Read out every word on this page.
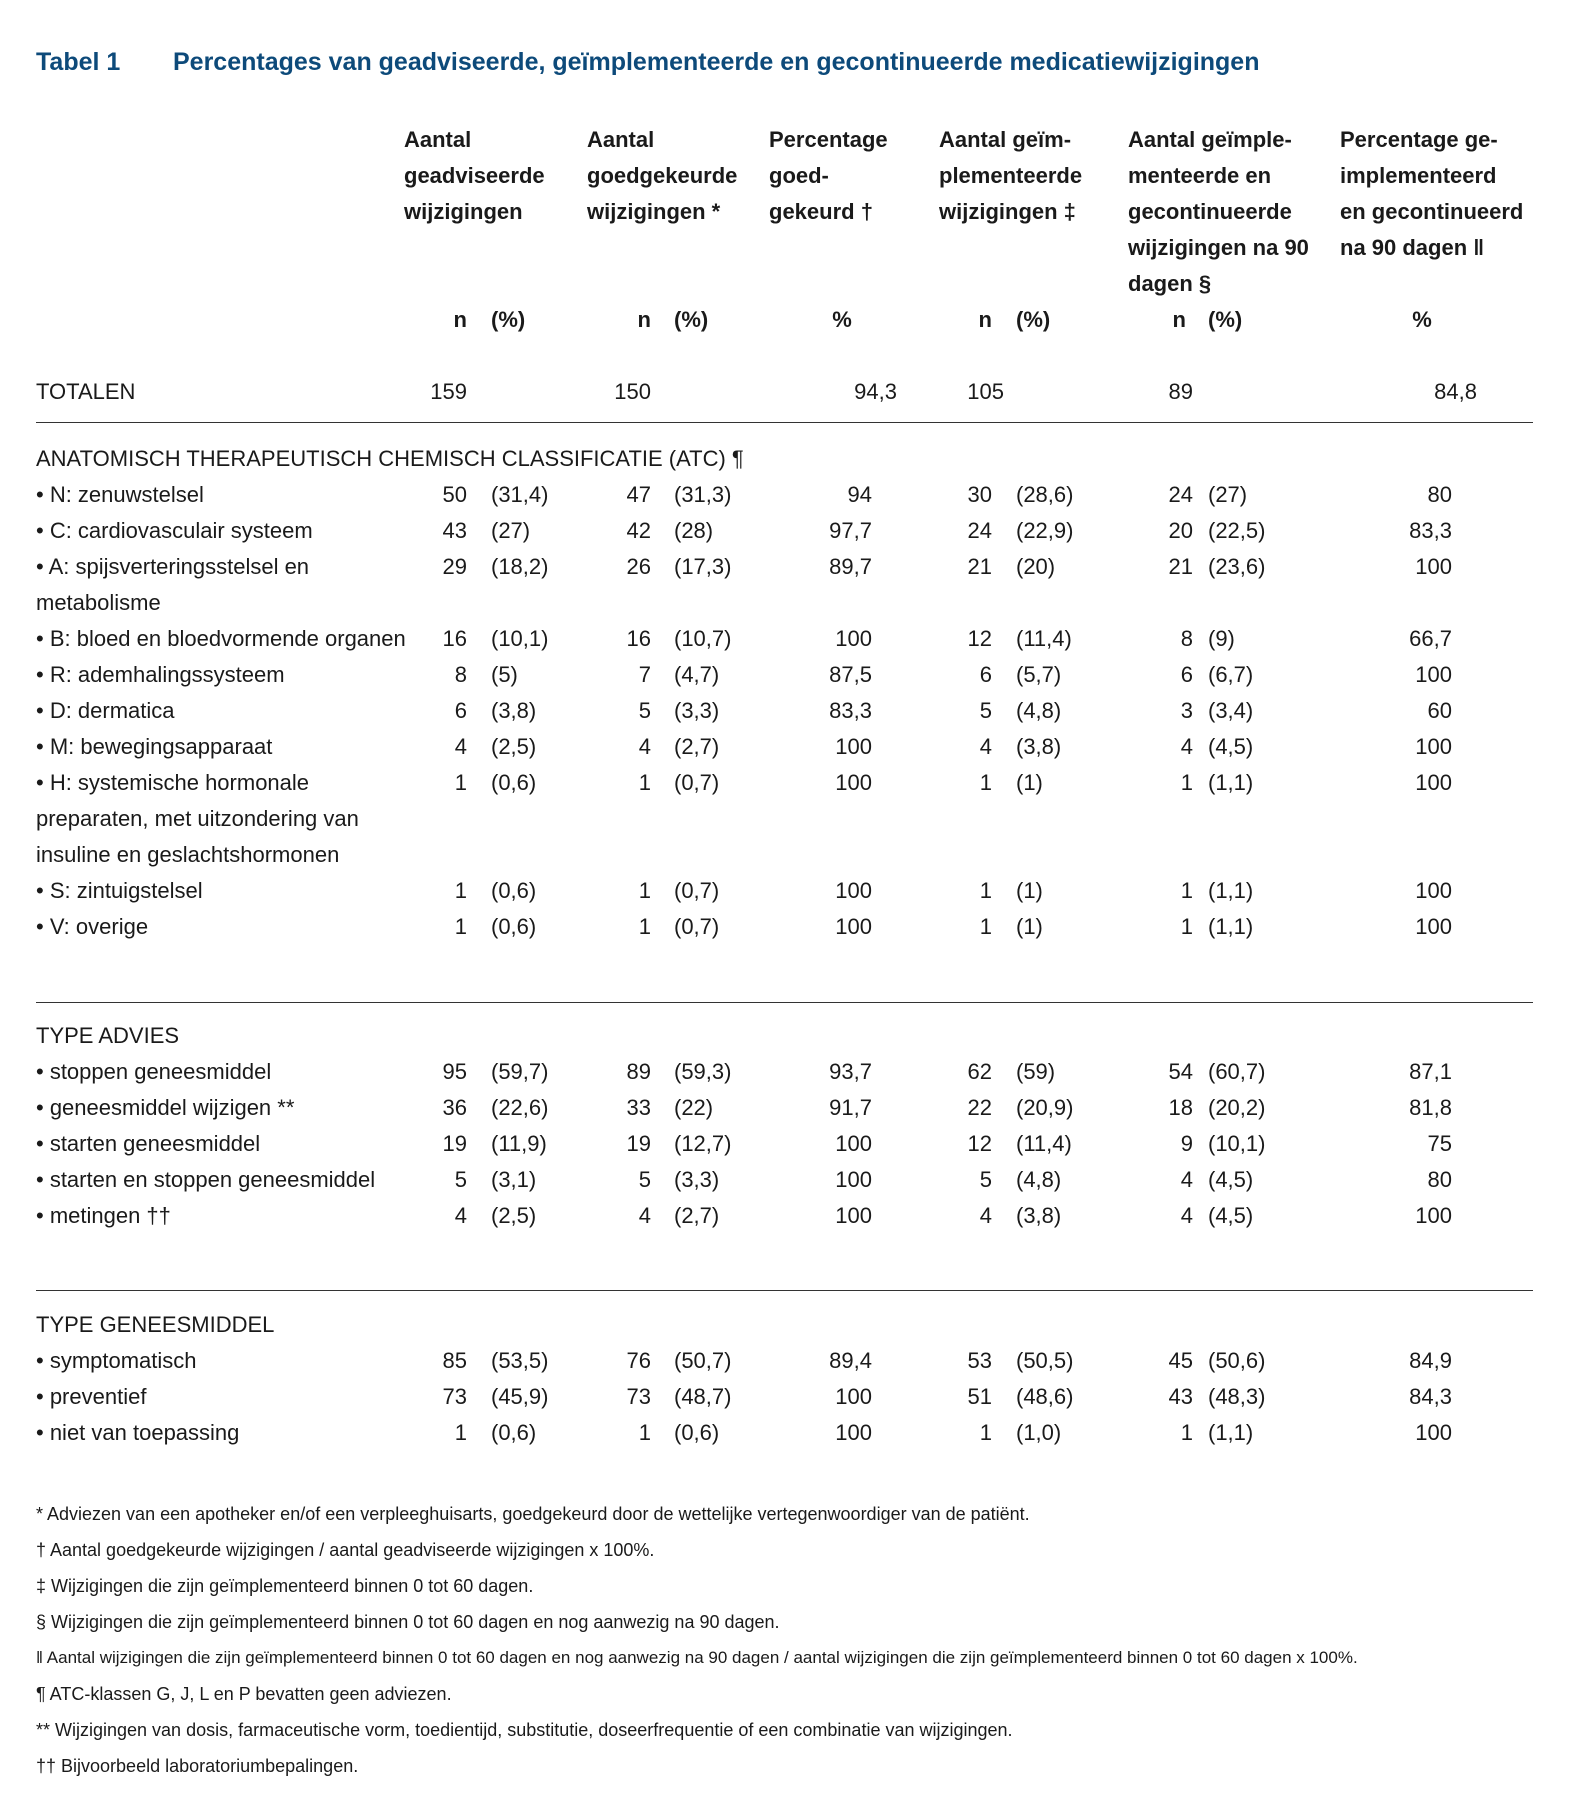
Tabel 1 Percentages van geadviseerde, geïmplementeerde en gecontinueerde medicatiewijzigingen
Aantal
geadviseerde
wijzigingen
Aantal
goedgekeurde
wijzigingen *
Percentage
goed-
gekeurd †
Aantal geïm-
plementeerde
wijzigingen ‡
Aantal geïmple-
menteerde en
gecontinueerde
wijzigingen na 90
dagen §
Percentage ge-
implementeerd
en gecontinueerd
na 90 dagen ‖
n (%)	n (%)	%	n (%)	n (%)	%
TOTALEN	159	150	94,3	105	89	84,8
ANATOMISCH THERAPEUTISCH CHEMISCH CLASSIFICATIE (ATC) ¶
• N: zenuwstelsel	50 (31,4)	47 (31,3)	94	30 (28,6)	24 (27)	80
• C: cardiovasculair systeem	43 (27)	42 (28)	97,7	24 (22,9)	20 (22,5)	83,3
• A: spijsverteringsstelsel en metabolisme
29 (18,2)	26 (17,3)	89,7	21 (20)	21 (23,6)	100
• B: bloed en bloedvormende organen	16 (10,1)	16 (10,7)	100	12 (11,4)	8 (9)	66,7
• R: ademhalingssysteem	8 (5)	7 (4,7)	87,5	6 (5,7)	6 (6,7)	100
• D: dermatica	6 (3,8)	5 (3,3)	83,3	5 (4,8)	3 (3,4)	60
• M: bewegingsapparaat	4 (2,5)	4 (2,7)	100	4 (3,8)	4 (4,5)	100
• H: systemische hormonale preparaten, met uitzondering van insuline en geslachtshormonen
1 (0,6)	1 (0,7)	100	1 (1)	1 (1,1)	100
• S: zintuigstelsel	1 (0,6)	1 (0,7)	100	1 (1)	1 (1,1)	100
• V: overige	1 (0,6)	1 (0,7)	100	1 (1)	1 (1,1)	100
TYPE ADVIES
• stoppen geneesmiddel	95 (59,7)	89 (59,3)	93,7	62 (59)	54 (60,7)	87,1
• geneesmiddel wijzigen **	36 (22,6)	33 (22)	91,7	22 (20,9)	18 (20,2)	81,8
• starten geneesmiddel	19 (11,9)	19 (12,7)	100	12 (11,4)	9 (10,1)	75
• starten en stoppen geneesmiddel	5 (3,1)	5 (3,3)	100	5 (4,8)	4 (4,5)	80
• metingen ††	4 (2,5)	4 (2,7)	100	4 (3,8)	4 (4,5)	100
TYPE GENEESMIDDEL
• symptomatisch	85 (53,5)	76 (50,7)	89,4	53 (50,5)	45 (50,6)	84,9
• preventief	73 (45,9)	73 (48,7)	100	51 (48,6)	43 (48,3)	84,3
• niet van toepassing	1 (0,6)	1 (0,6)	100	1 (1,0)	1 (1,1)	100
* Adviezen van een apotheker en/of een verpleeghuisarts, goedgekeurd door de wettelijke vertegenwoordiger van de patiënt.
† Aantal goedgekeurde wijzigingen / aantal geadviseerde wijzigingen x 100%.
‡ Wijzigingen die zijn geïmplementeerd binnen 0 tot 60 dagen.
§ Wijzigingen die zijn geïmplementeerd binnen 0 tot 60 dagen en nog aanwezig na 90 dagen.
‖ Aantal wijzigingen die zijn geïmplementeerd binnen 0 tot 60 dagen en nog aanwezig na 90 dagen / aantal wijzigingen die zijn geïmplementeerd binnen 0 tot 60 dagen x 100%.
¶ ATC-klassen G, J, L en P bevatten geen adviezen.
** Wijzigingen van dosis, farmaceutische vorm, toedientijd, substitutie, doseerfrequentie of een combinatie van wijzigingen.
†† Bijvoorbeeld laboratoriumbepalingen.
